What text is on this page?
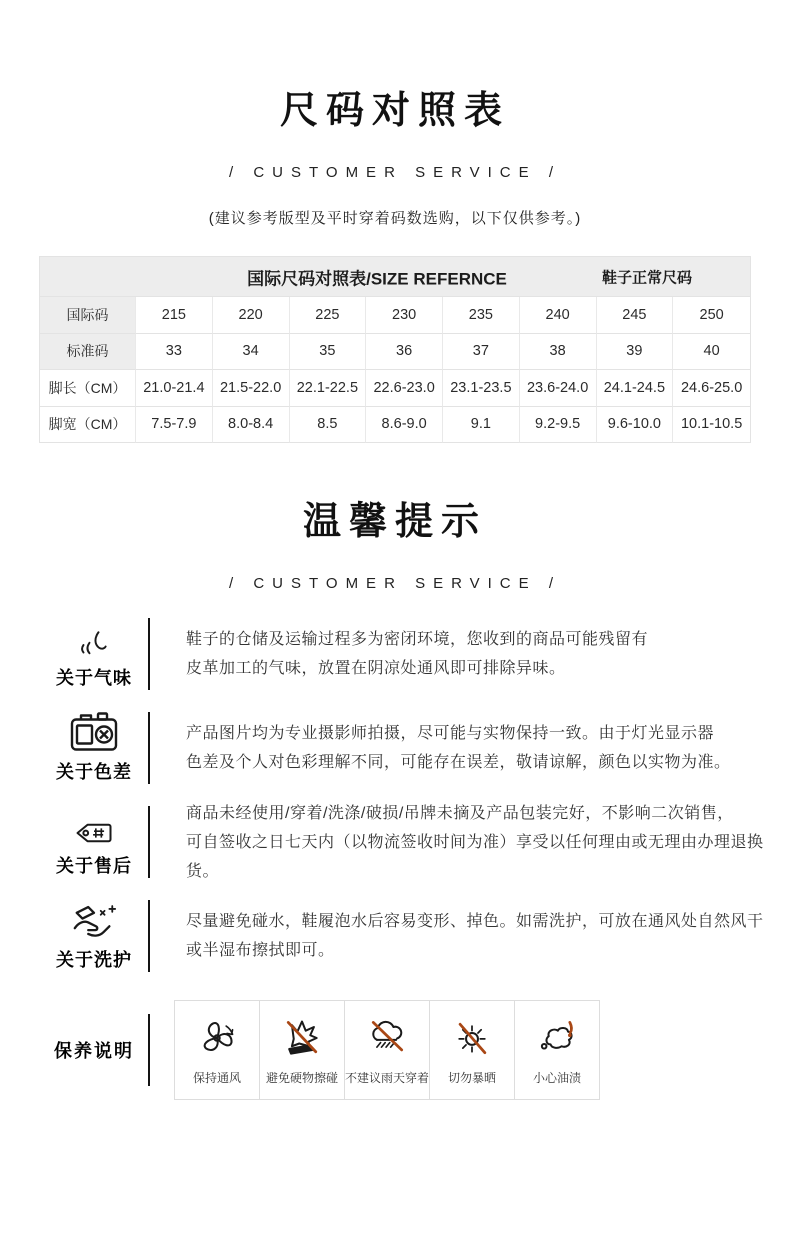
尺码对照表
/ CUSTOMER SERVICE /
(建议参考版型及平时穿着码数选购，以下仅供参考。)
国际尺码对照表/SIZE REFERNCE	鞋子正常尺码
国际码	215	220	225	230	235	240	245	250
标准码	33	34	35	36	37	38	39	40
脚长（CM）	21.0-21.4	21.5-22.0	22.1-22.5	22.6-23.0	23.1-23.5	23.6-24.0	24.1-24.5	24.6-25.0
脚宽（CM）	7.5-7.9	8.0-8.4	8.5	8.6-9.0	9.1	9.2-9.5	9.6-10.0	10.1-10.5
温馨提示
/ CUSTOMER SERVICE /
关于气味
鞋子的仓储及运输过程多为密闭环境，您收到的商品可能残留有
皮革加工的气味，放置在阴凉处通风即可排除异味。
关于色差
产品图片均为专业摄影师拍摄，尽可能与实物保持一致。由于灯光显示器
色差及个人对色彩理解不同，可能存在误差，敬请谅解，颜色以实物为准。
关于售后
商品未经使用/穿着/洗涤/破损/吊牌未摘及产品包装完好，不影响二次销售，
可自签收之日七天内（以物流签收时间为准）享受以任何理由或无理由办理退换货。
关于洗护
尽量避免碰水，鞋履泡水后容易变形、掉色。如需洗护，可放在通风处自然风干
或半湿布擦拭即可。
保养说明
保持通风 避免硬物擦碰 不建议雨天穿着 切勿暴晒	小心油渍
